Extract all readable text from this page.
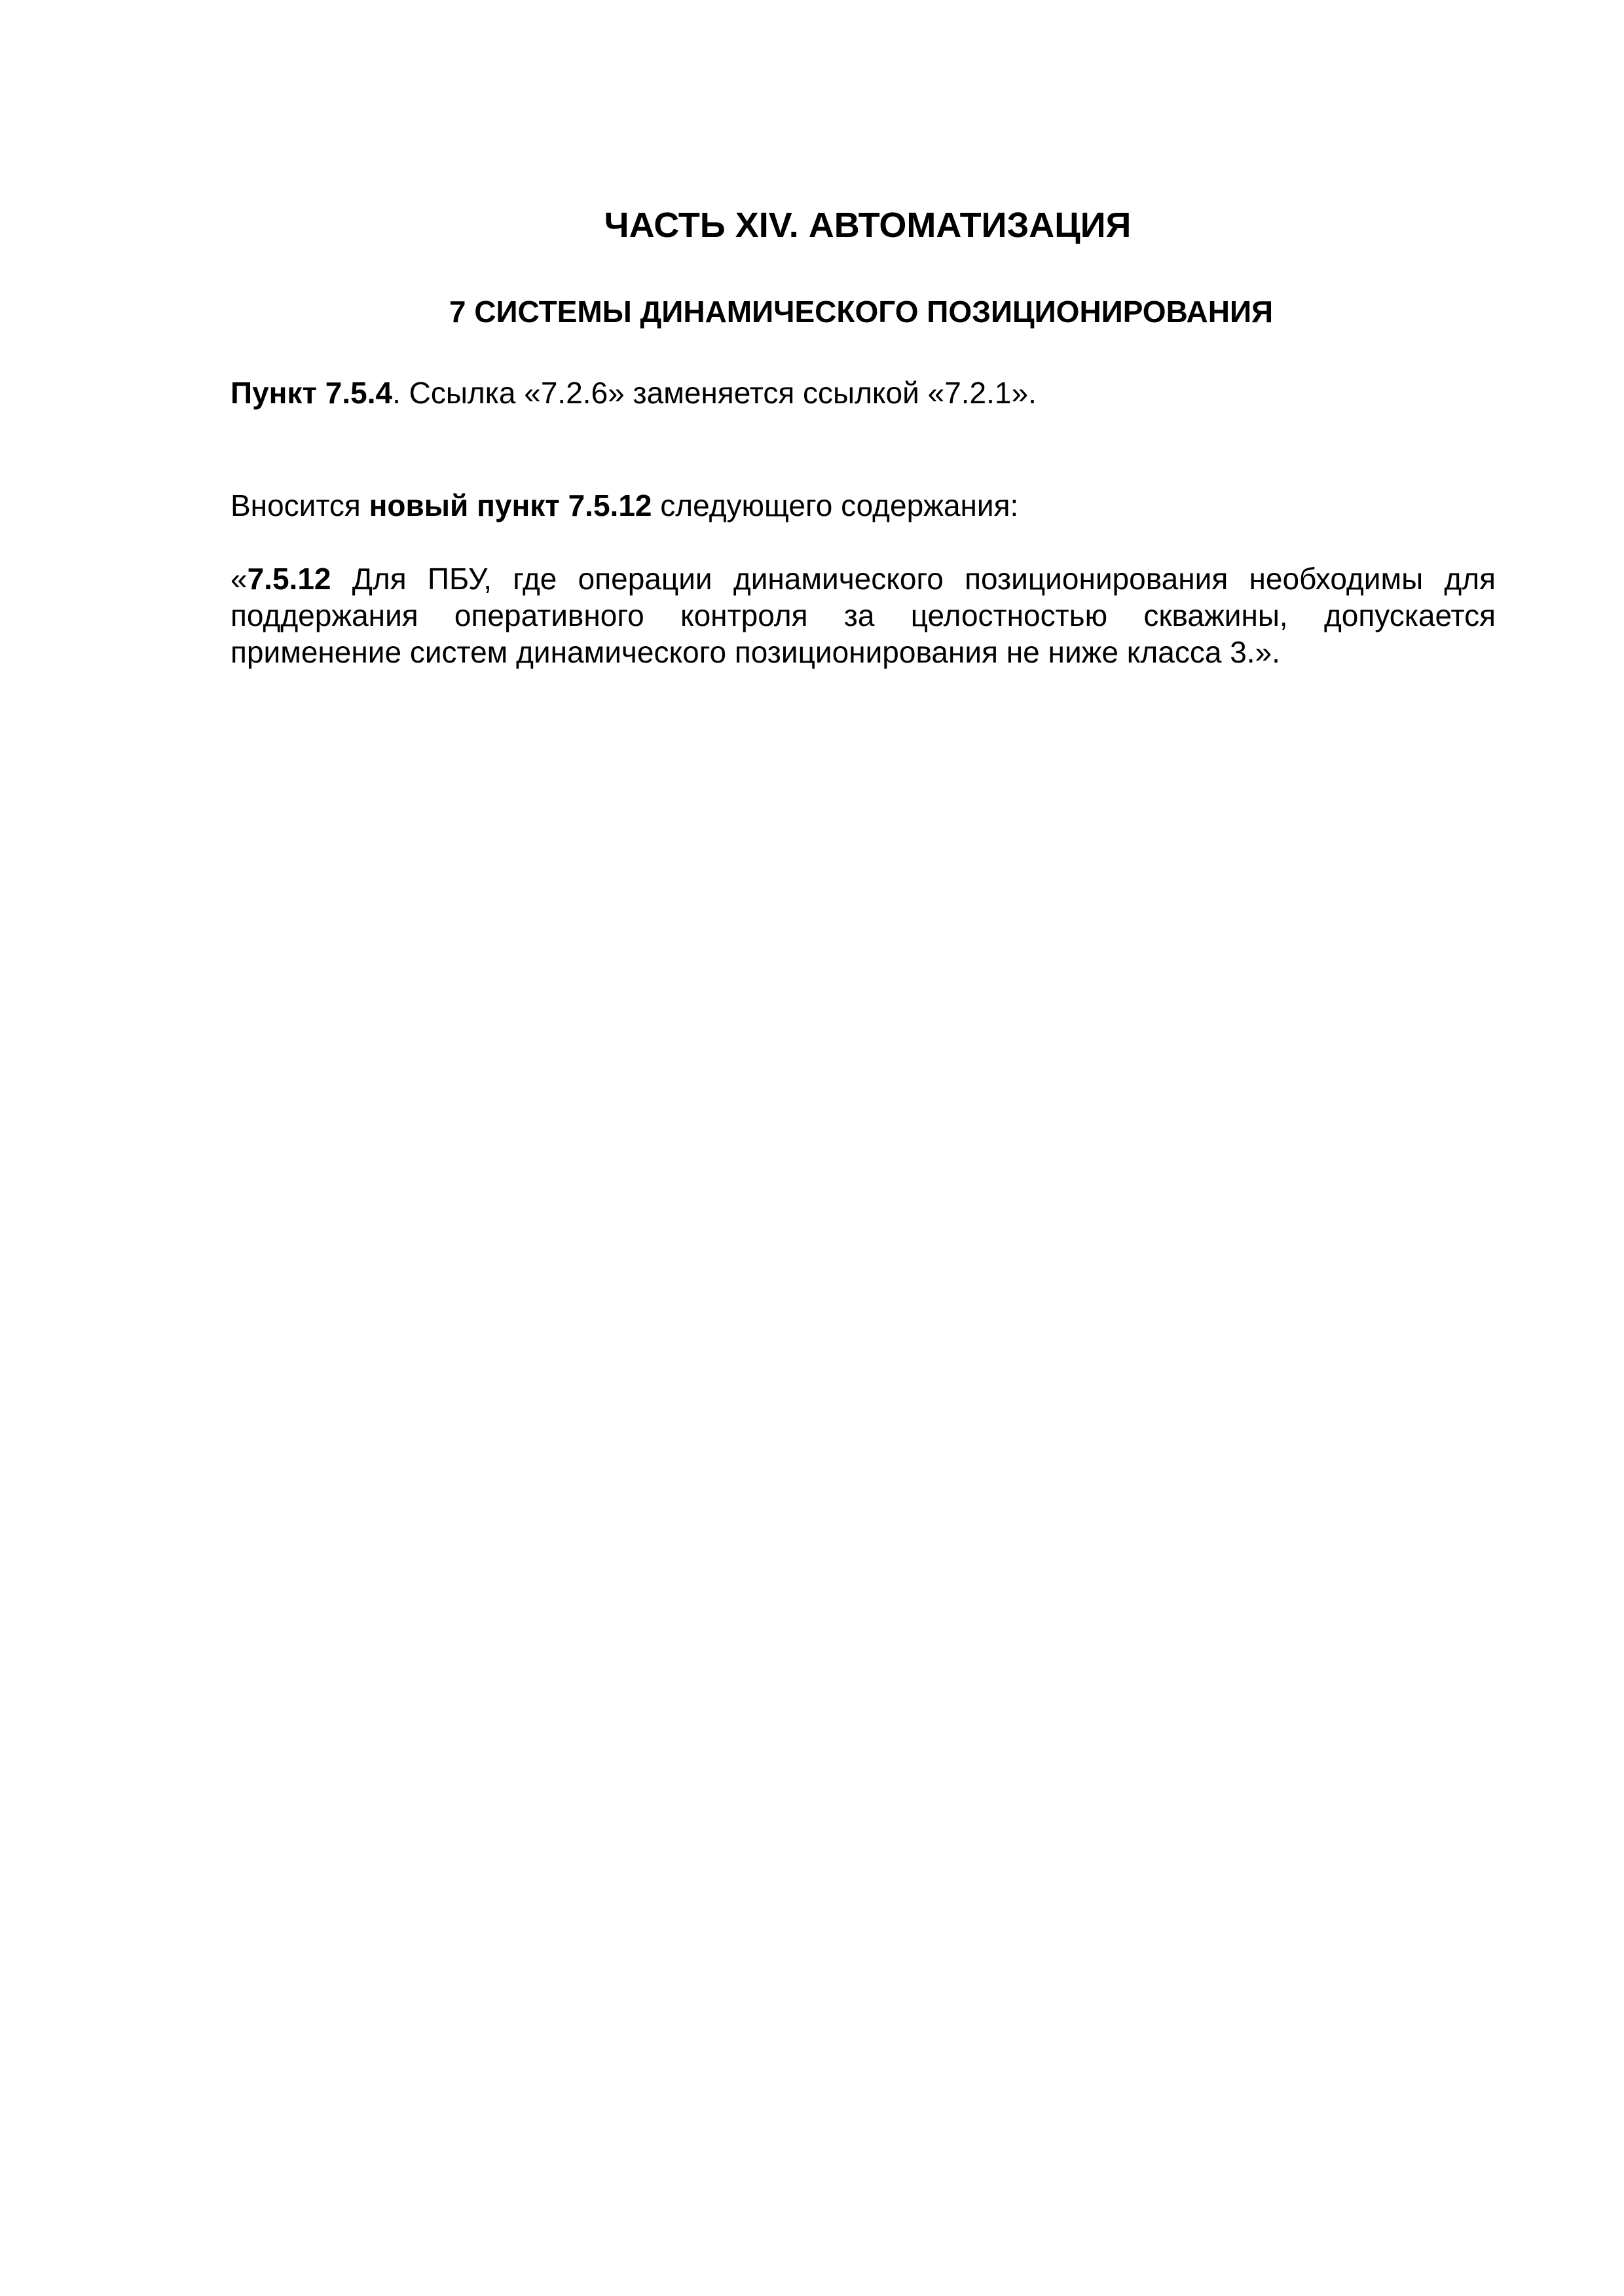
ЧАСТЬ XIV. АВТОМАТИЗАЦИЯ
7 СИСТЕМЫ ДИНАМИЧЕСКОГО ПОЗИЦИОНИРОВАНИЯ
Пункт 7.5.4. Ссылка «7.2.6» заменяется ссылкой «7.2.1».
Вносится новый пункт 7.5.12 следующего содержания:
«7.5.12 Для ПБУ, где операции динамического позиционирования необходимы для поддержания оперативного контроля за целостностью скважины, допускается применение систем динамического позиционирования не ниже класса 3.».
